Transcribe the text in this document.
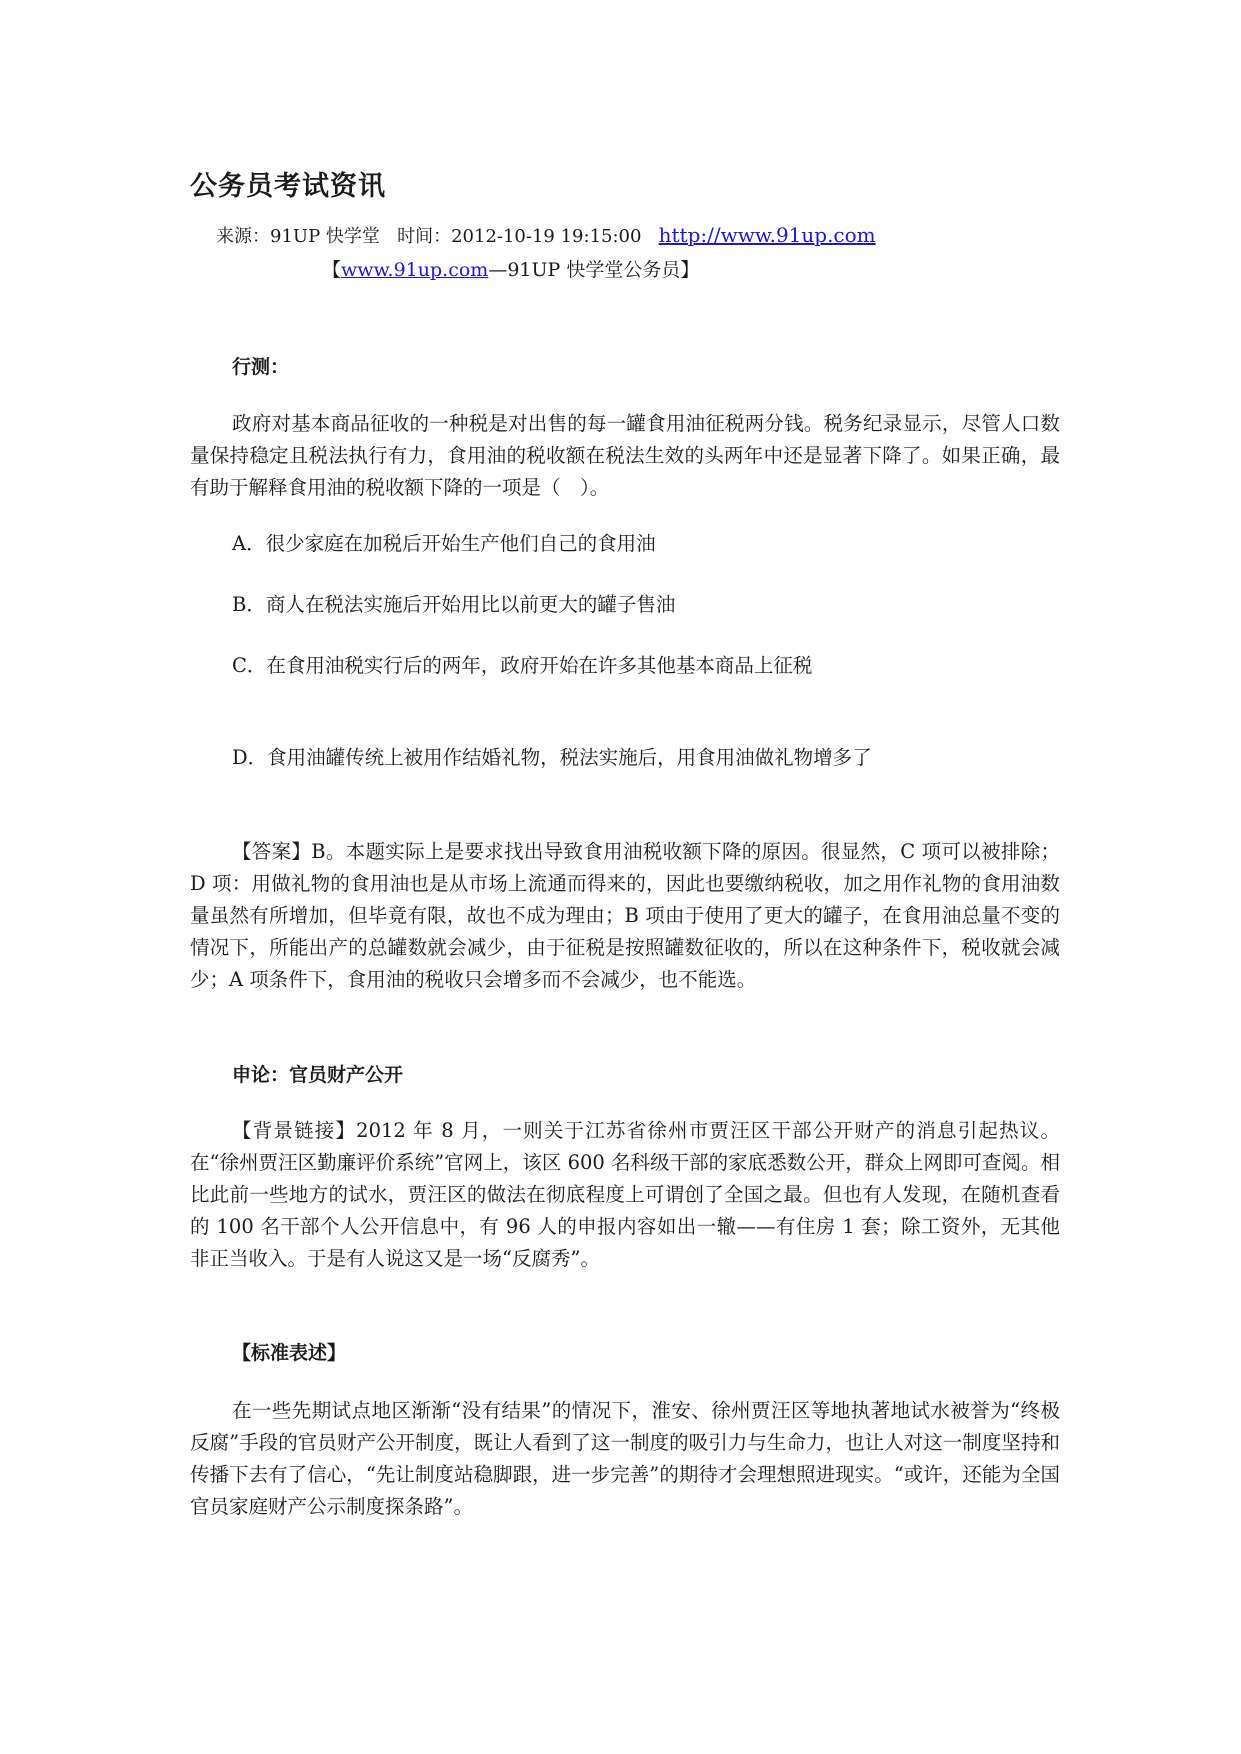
公务员考试资讯
来源：91UP 快学堂 时间：2012-10-19 19:15:00 http://www.91up.com
【www.91up.com—91UP 快学堂公务员】
行测：
政府对基本商品征收的一种税是对出售的每一罐食用油征税两分钱。税务纪录显示，尽管人口数量保持稳定且税法执行有力，食用油的税收额在税法生效的头两年中还是显著下降了。如果正确，最有助于解释食用油的税收额下降的一项是（　）。
A．很少家庭在加税后开始生产他们自己的食用油
B．商人在税法实施后开始用比以前更大的罐子售油
C．在食用油税实行后的两年，政府开始在许多其他基本商品上征税
D．食用油罐传统上被用作结婚礼物，税法实施后，用食用油做礼物增多了
【答案】B。本题实际上是要求找出导致食用油税收额下降的原因。很显然，C 项可以被排除；D 项：用做礼物的食用油也是从市场上流通而得来的，因此也要缴纳税收，加之用作礼物的食用油数量虽然有所增加，但毕竟有限，故也不成为理由；B 项由于使用了更大的罐子，在食用油总量不变的情况下，所能出产的总罐数就会减少，由于征税是按照罐数征收的，所以在这种条件下，税收就会减少；A 项条件下，食用油的税收只会增多而不会减少，也不能选。
申论：官员财产公开
【背景链接】2012 年 8 月，一则关于江苏省徐州市贾汪区干部公开财产的消息引起热议。在“徐州贾汪区勤廉评价系统”官网上，该区 600 名科级干部的家底悉数公开，群众上网即可查阅。相比此前一些地方的试水，贾汪区的做法在彻底程度上可谓创了全国之最。但也有人发现，在随机查看的 100 名干部个人公开信息中，有 96 人的申报内容如出一辙——有住房 1 套；除工资外，无其他非正当收入。于是有人说这又是一场“反腐秀”。
【标准表述】
在一些先期试点地区渐渐“没有结果”的情况下，淮安、徐州贾汪区等地执著地试水被誉为“终极反腐”手段的官员财产公开制度，既让人看到了这一制度的吸引力与生命力，也让人对这一制度坚持和传播下去有了信心，“先让制度站稳脚跟，进一步完善”的期待才会理想照进现实。“或许，还能为全国官员家庭财产公示制度探条路”。
